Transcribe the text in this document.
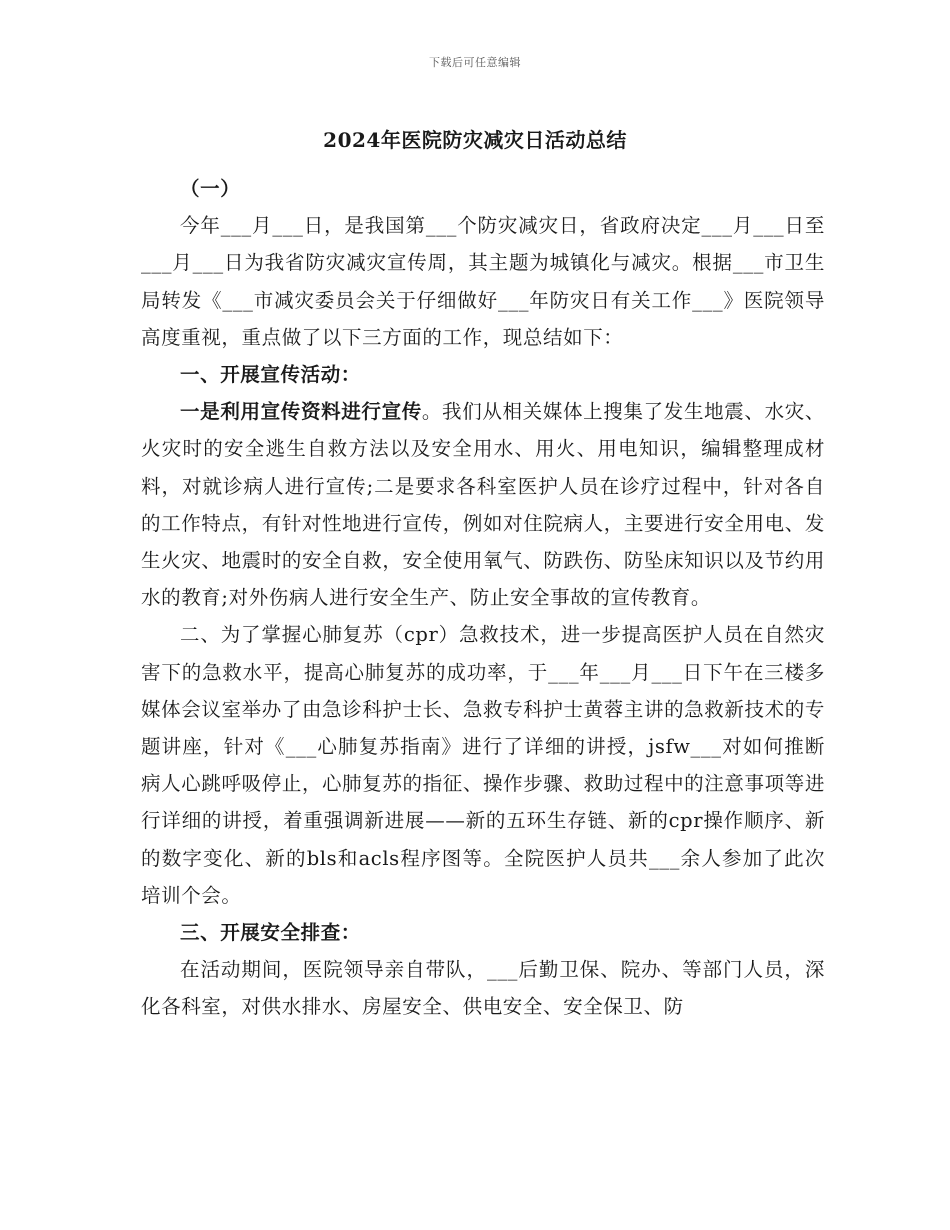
下载后可任意编辑
2024年医院防灾减灾日活动总结

（一）

今年___月___日，是我国第___个防灾减灾日，省政府决定___月___日至___月___日为我省防灾减灾宣传周，其主题为城镇化与减灾。根据___市卫生局转发《___市减灾委员会关于仔细做好___年防灾日有关工作___》医院领导高度重视，重点做了以下三方面的工作，现总结如下：

一、开展宣传活动：

一是利用宣传资料进行宣传。我们从相关媒体上搜集了发生地震、水灾、火灾时的安全逃生自救方法以及安全用水、用火、用电知识，编辑整理成材料，对就诊病人进行宣传;二是要求各科室医护人员在诊疗过程中，针对各自的工作特点，有针对性地进行宣传，例如对住院病人，主要进行安全用电、发生火灾、地震时的安全自救，安全使用氧气、防跌伤、防坠床知识以及节约用水的教育;对外伤病人进行安全生产、防止安全事故的宣传教育。

二、为了掌握心肺复苏（cpr）急救技术，进一步提高医护人员在自然灾害下的急救水平，提高心肺复苏的成功率，于___年___月___日下午在三楼多媒体会议室举办了由急诊科护士长、急救专科护士黄蓉主讲的急救新技术的专题讲座，针对《___心肺复苏指南》进行了详细的讲授，jsfw___对如何推断病人心跳呼吸停止，心肺复苏的指征、操作步骤、救助过程中的注意事项等进行详细的讲授，着重强调新进展——新的五环生存链、新的cpr操作顺序、新的数字变化、新的bls和acls程序图等。全院医护人员共___余人参加了此次培训个会。

三、开展安全排查：

在活动期间，医院领导亲自带队，___后勤卫保、院办、等部门人员，深化各科室，对供水排水、房屋安全、供电安全、安全保卫、防
